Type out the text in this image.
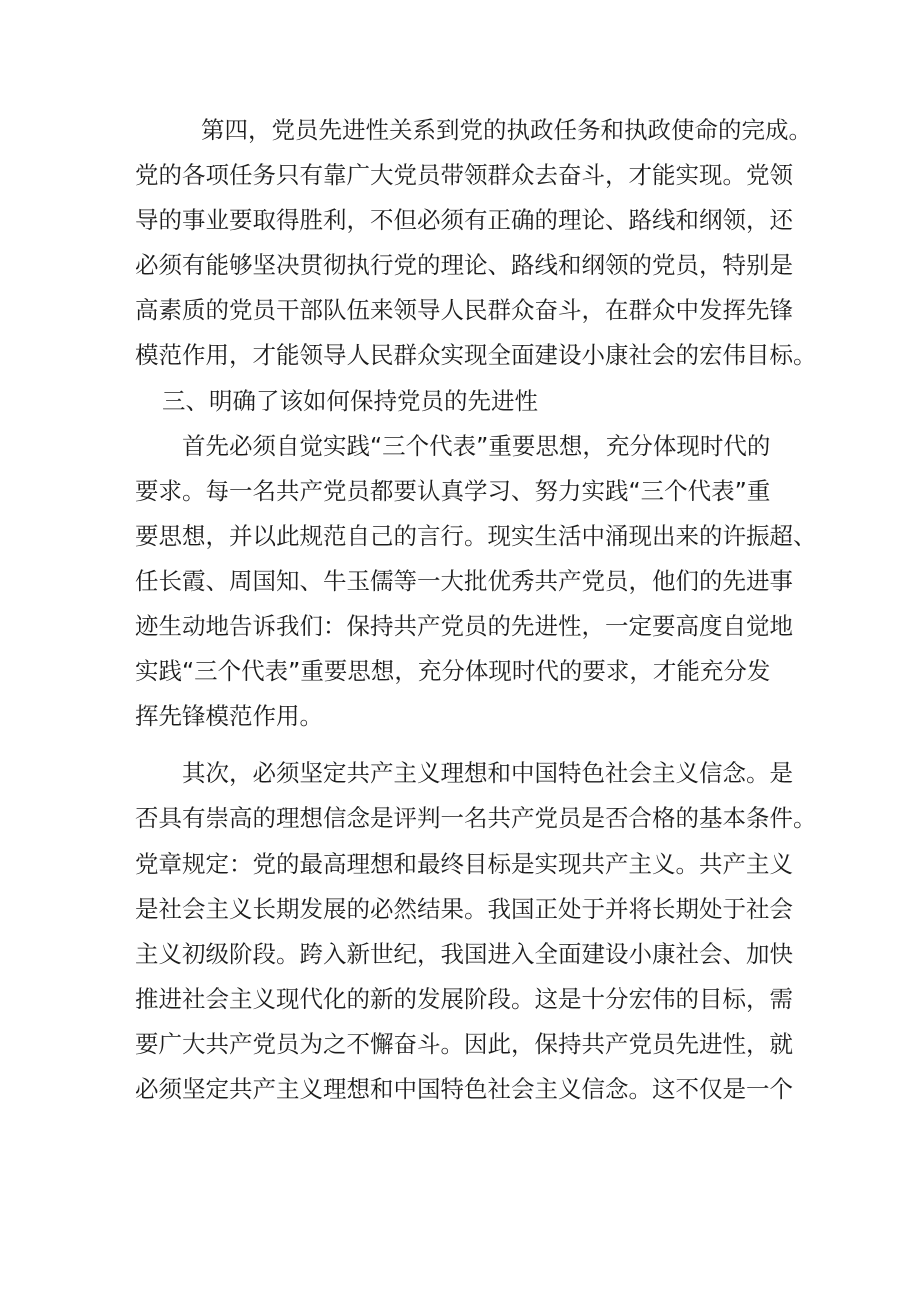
第四，党员先进性关系到党的执政任务和执政使命的完成。
党的各项任务只有靠广大党员带领群众去奋斗，才能实现。党领
导的事业要取得胜利，不但必须有正确的理论、路线和纲领，还
必须有能够坚决贯彻执行党的理论、路线和纲领的党员，特别是
高素质的党员干部队伍来领导人民群众奋斗，在群众中发挥先锋
模范作用，才能领导人民群众实现全面建设小康社会的宏伟目标。
三、明确了该如何保持党员的先进性
首先必须自觉实践“三个代表”重要思想，充分体现时代的
要求。每一名共产党员都要认真学习、努力实践“三个代表”重
要思想，并以此规范自己的言行。现实生活中涌现出来的许振超、
任长霞、周国知、牛玉儒等一大批优秀共产党员，他们的先进事
迹生动地告诉我们：保持共产党员的先进性，一定要高度自觉地
实践“三个代表”重要思想，充分体现时代的要求，才能充分发
挥先锋模范作用。
其次，必须坚定共产主义理想和中国特色社会主义信念。是
否具有崇高的理想信念是评判一名共产党员是否合格的基本条件。
党章规定：党的最高理想和最终目标是实现共产主义。共产主义
是社会主义长期发展的必然结果。我国正处于并将长期处于社会
主义初级阶段。跨入新世纪，我国进入全面建设小康社会、加快
推进社会主义现代化的新的发展阶段。这是十分宏伟的目标，需
要广大共产党员为之不懈奋斗。因此，保持共产党员先进性，就
必须坚定共产主义理想和中国特色社会主义信念。这不仅是一个
